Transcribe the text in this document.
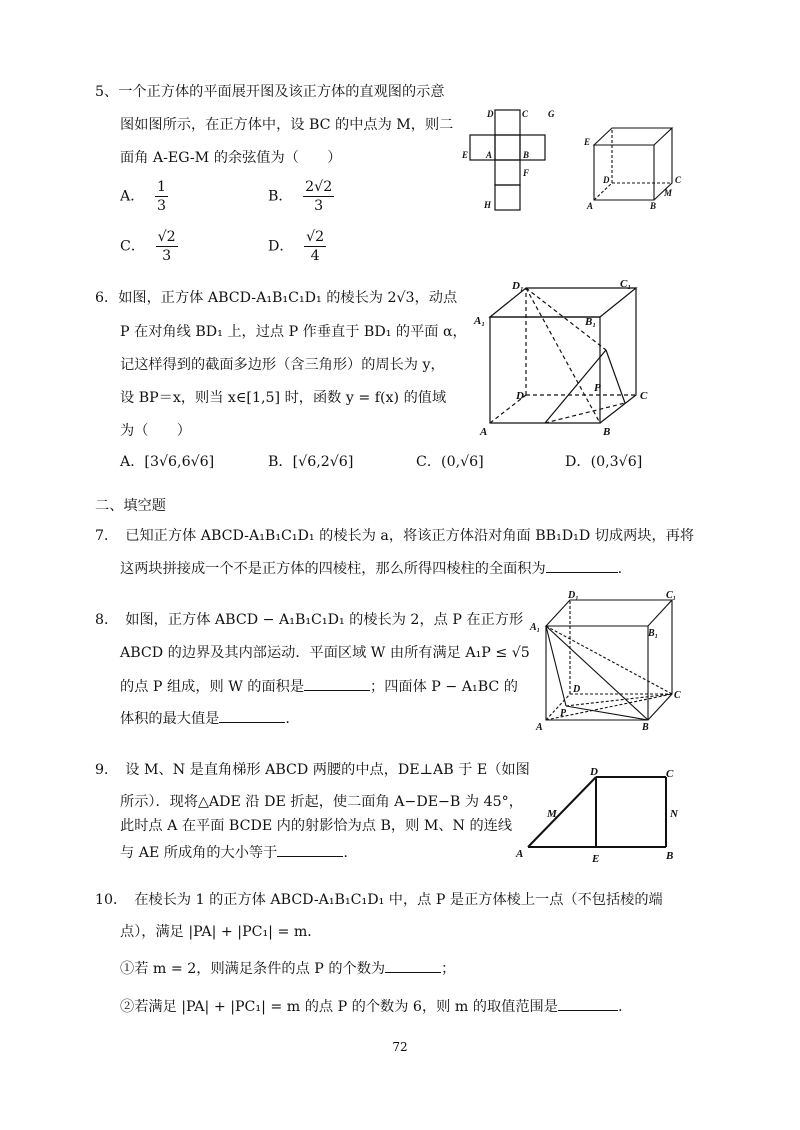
5、一个正方体的平面展开图及该正方体的直观图的示意
图如图所示，在正方体中，设 BC 的中点为 M，则二
面角 A-EG-M 的余弦值为（　　）
A． $\frac{1}{3}$	B． $\frac{2√2}{3}$
C． $\frac{√2}{3}$	D． $\frac{√2}{4}$
D	C G
E A	B
F
H
E
D	C
M
A	B
6．如图，正方体 ABCD-A₁B₁C₁D₁ 的棱长为 2√3，动点
P 在对角线 BD₁ 上，过点 P 作垂直于 BD₁ 的平面 α，
记这样得到的截面多边形（含三角形）的周长为 y，
设 BP＝x，则当 x∈[1,5] 时，函数 y = f(x) 的值域
为（　　）
A．[3√6,6√6]	B．[√6,2√6]	C．(0,√6]	D．(0,3√6]
D₁	C₁
A₁	B₁
P
D	C
A	B
二、填空题
7．　已知正方体 ABCD-A₁B₁C₁D₁ 的棱长为 a，将该正方体沿对角面 BB₁D₁D 切成两块，再将
这两块拼接成一个不是正方体的四棱柱，那么所得四棱柱的全面积为	.
8．　如图，正方体 ABCD − A₁B₁C₁D₁ 的棱长为 2，点 P 在正方形
ABCD 的边界及其内部运动．平面区域 W 由所有满足 A₁P ≤ √5
的点 P 组成，则 W 的面积是	；四面体 P − A₁BC 的
体积的最大值是	.
D₁	C₁
A₁
B₁
D
C
P
A	B
9．　设 M、N 是直角梯形 ABCD 两腰的中点，DE⊥AB 于 E（如图
所示）．现将△ADE 沿 DE 折起，使二面角 A−DE−B 为 45°，
此时点 A 在平面 BCDE 内的射影恰为点 B，则 M、N 的连线
与 AE 所成角的大小等于	.
D	C
M	N
A	E	B
10．　在棱长为 1 的正方体 ABCD-A₁B₁C₁D₁ 中，点 P 是正方体棱上一点（不包括棱的端
点），满足 |PA| + |PC₁| = m．
①若 m = 2，则满足条件的点 P 的个数为	；
②若满足 |PA| + |PC₁| = m 的点 P 的个数为 6，则 m 的取值范围是	.
72
